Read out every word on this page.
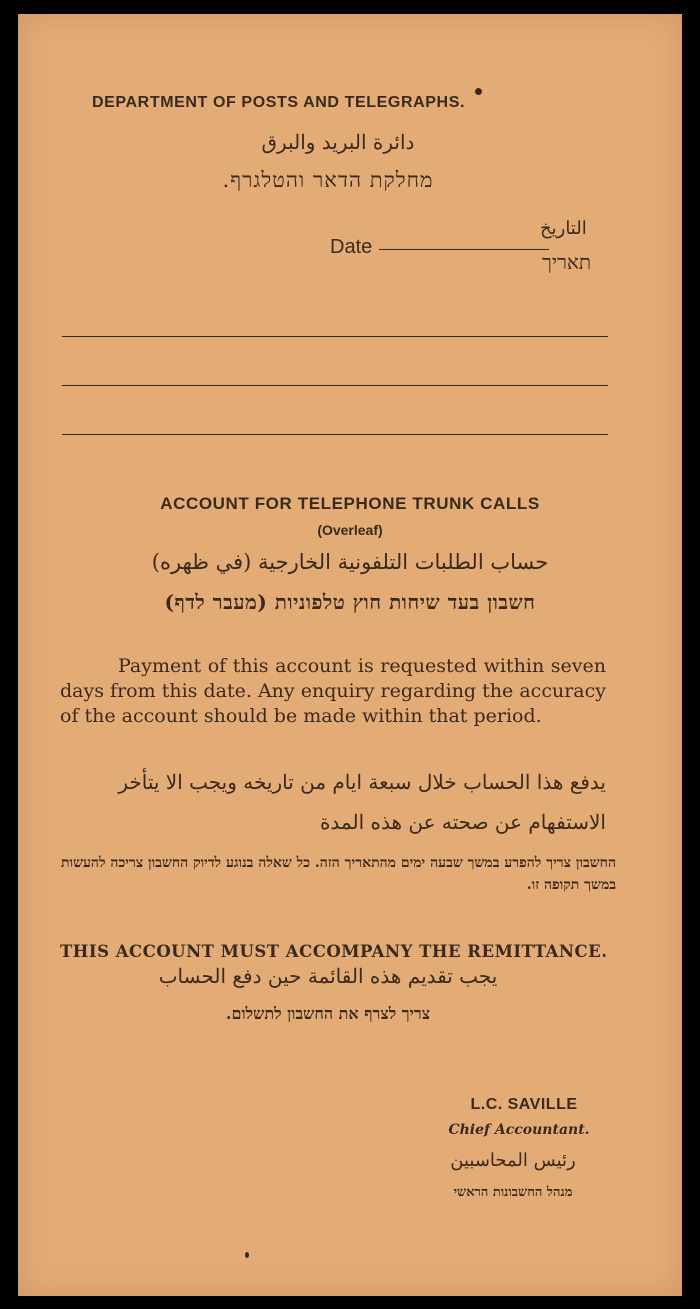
DEPARTMENT OF POSTS AND TELEGRAPHS.
دائرة البريد والبرق
מחלקת הדאר והטלגרף.
Date
التاريخ
תאריך
ACCOUNT FOR TELEPHONE TRUNK CALLS
(Overleaf)
حساب الطلبات التلفونية الخارجية (في ظهره)
חשבון בעד שיחות חוץ טלפוניות (מעבר לדף)
Payment of this account is requested within seven days from this date. Any enquiry regarding the accuracy of the account should be made within that period.
يدفع هذا الحساب خلال سبعة ايام من تاريخه ويجب الا يتأخر الاستفهام عن صحته عن هذه المدة
החשבון צריך להפרע במשך שבעה ימים מהתאריך הזה. כל שאלה בנוגע לדיוק החשבון צריכה להעשות במשך תקופה זו.
THIS ACCOUNT MUST ACCOMPANY THE REMITTANCE.
يجب تقديم هذه القائمة حين دفع الحساب
צריך לצרף את החשבון לתשלום.
L.C. SAVILLE
Chief Accountant.
رئيس المحاسبين
מנהל החשבונות הראשי
